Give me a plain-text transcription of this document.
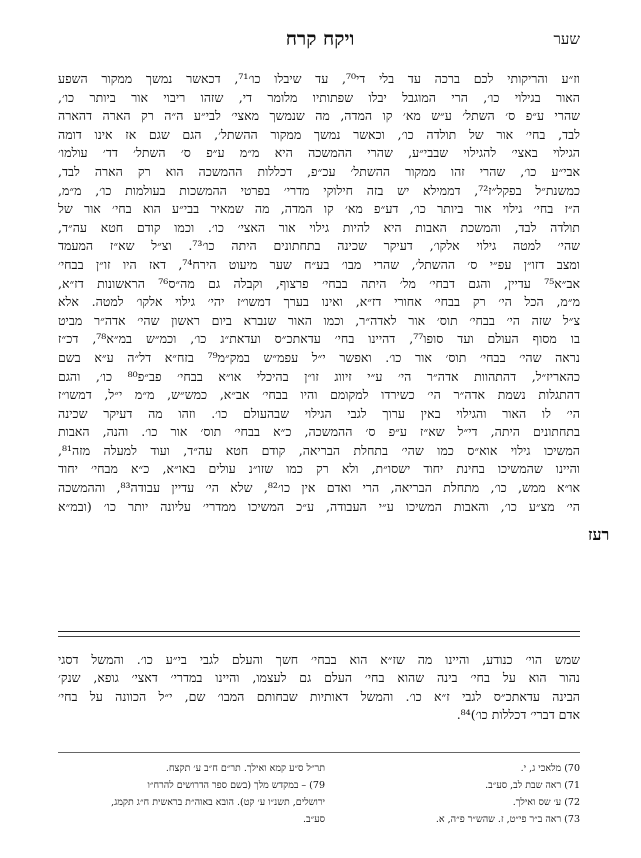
שער
ויקח קרח
וז״ע והריקותי לכם ברכה עד בלי די⁷⁰, עד שיבלו כו׳⁷¹, דכאשר נמשך ממקור השפע
האור בגילוי כו׳, הרי המוגבל יבלו שפתותיו מלומר די, שזהו ריבוי אור ביותר כו׳,
שהרי ע״פ ס׳ השתל׳ ע״ש מא׳ קו המדה, מה שנמשך מאצי׳ לבי״ע ה״ה רק הארה דהארה
לבד, בחי׳ אור של תולדה כו׳, וכאשר נמשך ממקור ההשתל׳, הגם שגם אז אינו דומה
הגילוי באצי׳ להגילוי שבבי״ע, שהרי ההמשכה היא מ״מ ע״פ ס׳ השתל׳ דד׳ עולמו׳
אבי״ע כו׳, שהרי זהו ממקור ההשתל׳ עכ״פ, דכללות ההמשכה הוא רק הארה לבד,
כמשנת״ל בפקל״ז⁷², דממילא יש בזה חילוקי מדרי׳ בפרטי ההמשכות בעולמות כו׳, מ״מ,
ה״ז בחי׳ גילוי אור ביותר כו׳, דע״פ מא׳ קו המדה, מה שמאיר בבי״ע הוא בחי׳ אור של
תולדה לבד, והמשכת האבות היא להיות גילוי אור האצי׳ כו׳. וכמו קודם חטא עה״ד,
שהי׳ למטה גילוי אלקו׳, דעיקר שכינה בתחתונים היתה כו׳⁷³. וצ״ל שא״ז המעמד
ומצב דזו״ן עפ״י ס׳ ההשתל׳, שהרי מבו׳ בע״ח שער מיעוט הירח⁷⁴, דאז היו זו״ן בבחי׳
אב״א⁷⁵ עדיין, והגם דבחי׳ מל׳ היתה בבחי׳ פרצוף, וקבלה גם מה״ס⁷⁶ הראשונות דז״א,
מ״מ, הכל הי׳ רק בבחי׳ אחורי דז״א, ואינו בערך דמשו״ז יהי׳ גילוי אלקו׳ למטה. אלא
צ״ל שזה הי׳ בבחי׳ תוס׳ אור לאדה״ר, וכמו האור שנברא ביום ראשון שהי׳ אדה״ר מביט
בו מסוף העולם ועד סופו⁷⁷, דהיינו בחי׳ עדאתכ״ס ועדאת״ג כו׳, וכמ״ש במ״א⁷⁸, דכ״ז
נראה שהי׳ בבחי׳ תוס׳ אור כו׳. ואפשר י״ל עפמ״ש במק״מ⁷⁹ בזח״א דל״ה ע״א בשם
כהאריז״ל, דהתהוות אדה״ר הי׳ ע״י זיווג זו״ן בהיכלי או״א בבחי׳ פב״פ⁸⁰ כו׳, והגם
דהתגלות נשמת אדה״ר הי׳ כשירדו למקומם והיו בבחי׳ אב״א, כמש״ש, מ״מ י״ל, דמשו״ז
הי׳ לו האור והגילוי באין ערוך לגבי הגילוי שבהעולם כו׳. וזהו מה דעיקר שכינה
בתחתונים היתה, די״ל שא״ז ע״פ ס׳ ההמשכה, כ״א בבחי׳ תוס׳ אור כו׳. והנה, האבות
המשיכו גילוי אוא״ס כמו שהי׳ בתחלת הבריאה, קודם חטא עה״ד, ועוד למעלה מזה⁸¹,
והיינו שהמשיכו בחינת יחוד ישסו״ת, ולא רק כמו שזו״נ עולים באו״א, כ״א מבחי׳ יחוד
או״א ממש, כו׳, מתחלת הבריאה, הרי ואדם אין כו׳⁸², שלא הי׳ עדיין עבודה⁸³, וההמשכה
הי׳ מצ״ע כו׳, והאבות המשיכו ע״י העבודה, ע״כ המשיכו ממדרי׳ עליונה יותר כו׳ (ובמ״א
רעז
שמש הוי׳ כנודע, והיינו מה שז״א הוא בבחי׳ חשך והעלם לגבי בי״ע כו׳. והמשל דסגי
נהור הוא על בחי׳ בינה שהוא בחי׳ העלם גם לעצמו, והיינו במדרי׳ דאצי׳ גופא, שנק׳
הבינה עדאתכ״ס לגבי ז״א כו׳. והמשל דאותיות שבחותם המבו׳ שם, י״ל הכוונה על בחי׳
אדם דברי׳ דכללות כו׳)⁸⁴.
70) מלאכי ג, י.
71) ראה שבת לב, סע״ב.
72) ע׳ שס ואילך.
73) ראה ב״ר פי״ט, ז. שהש״ר פ״ה, א.
תר״ל ס״ע קמא ואילך. תר״ם ח״ב ע׳ תקצח.
79) – במקדש מלך (בשם ספר הדרושים להרח״ו
ירושלים, תשנ״ו ע׳ קט). הובא באוה״ת בראשית ח״ג תקמג,
סע״ב.
